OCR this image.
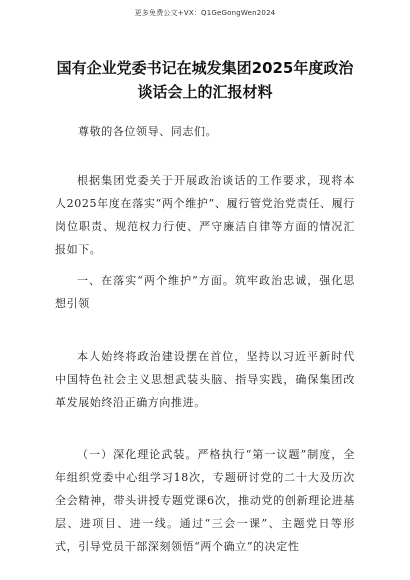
更多免费公文+VX：Q1GeGongWen2024
国有企业党委书记在城发集团2025年度政治谈话会上的汇报材料
尊敬的各位领导、同志们。
根据集团党委关于开展政治谈话的工作要求，现将本人2025年度在落实“两个维护”、履行管党治党责任、履行岗位职责、规范权力行使、严守廉洁自律等方面的情况汇报如下。
一、在落实“两个维护”方面。筑牢政治忠诚，强化思想引领
本人始终将政治建设摆在首位，坚持以习近平新时代中国特色社会主义思想武装头脑、指导实践，确保集团改革发展始终沿正确方向推进。
（一）深化理论武装。严格执行“第一议题”制度，全年组织党委中心组学习18次，专题研讨党的二十大及历次全会精神，带头讲授专题党课6次，推动党的创新理论进基层、进项目、进一线。通过“三会一课”、主题党日等形式，引导党员干部深刻领悟“两个确立”的决定性
